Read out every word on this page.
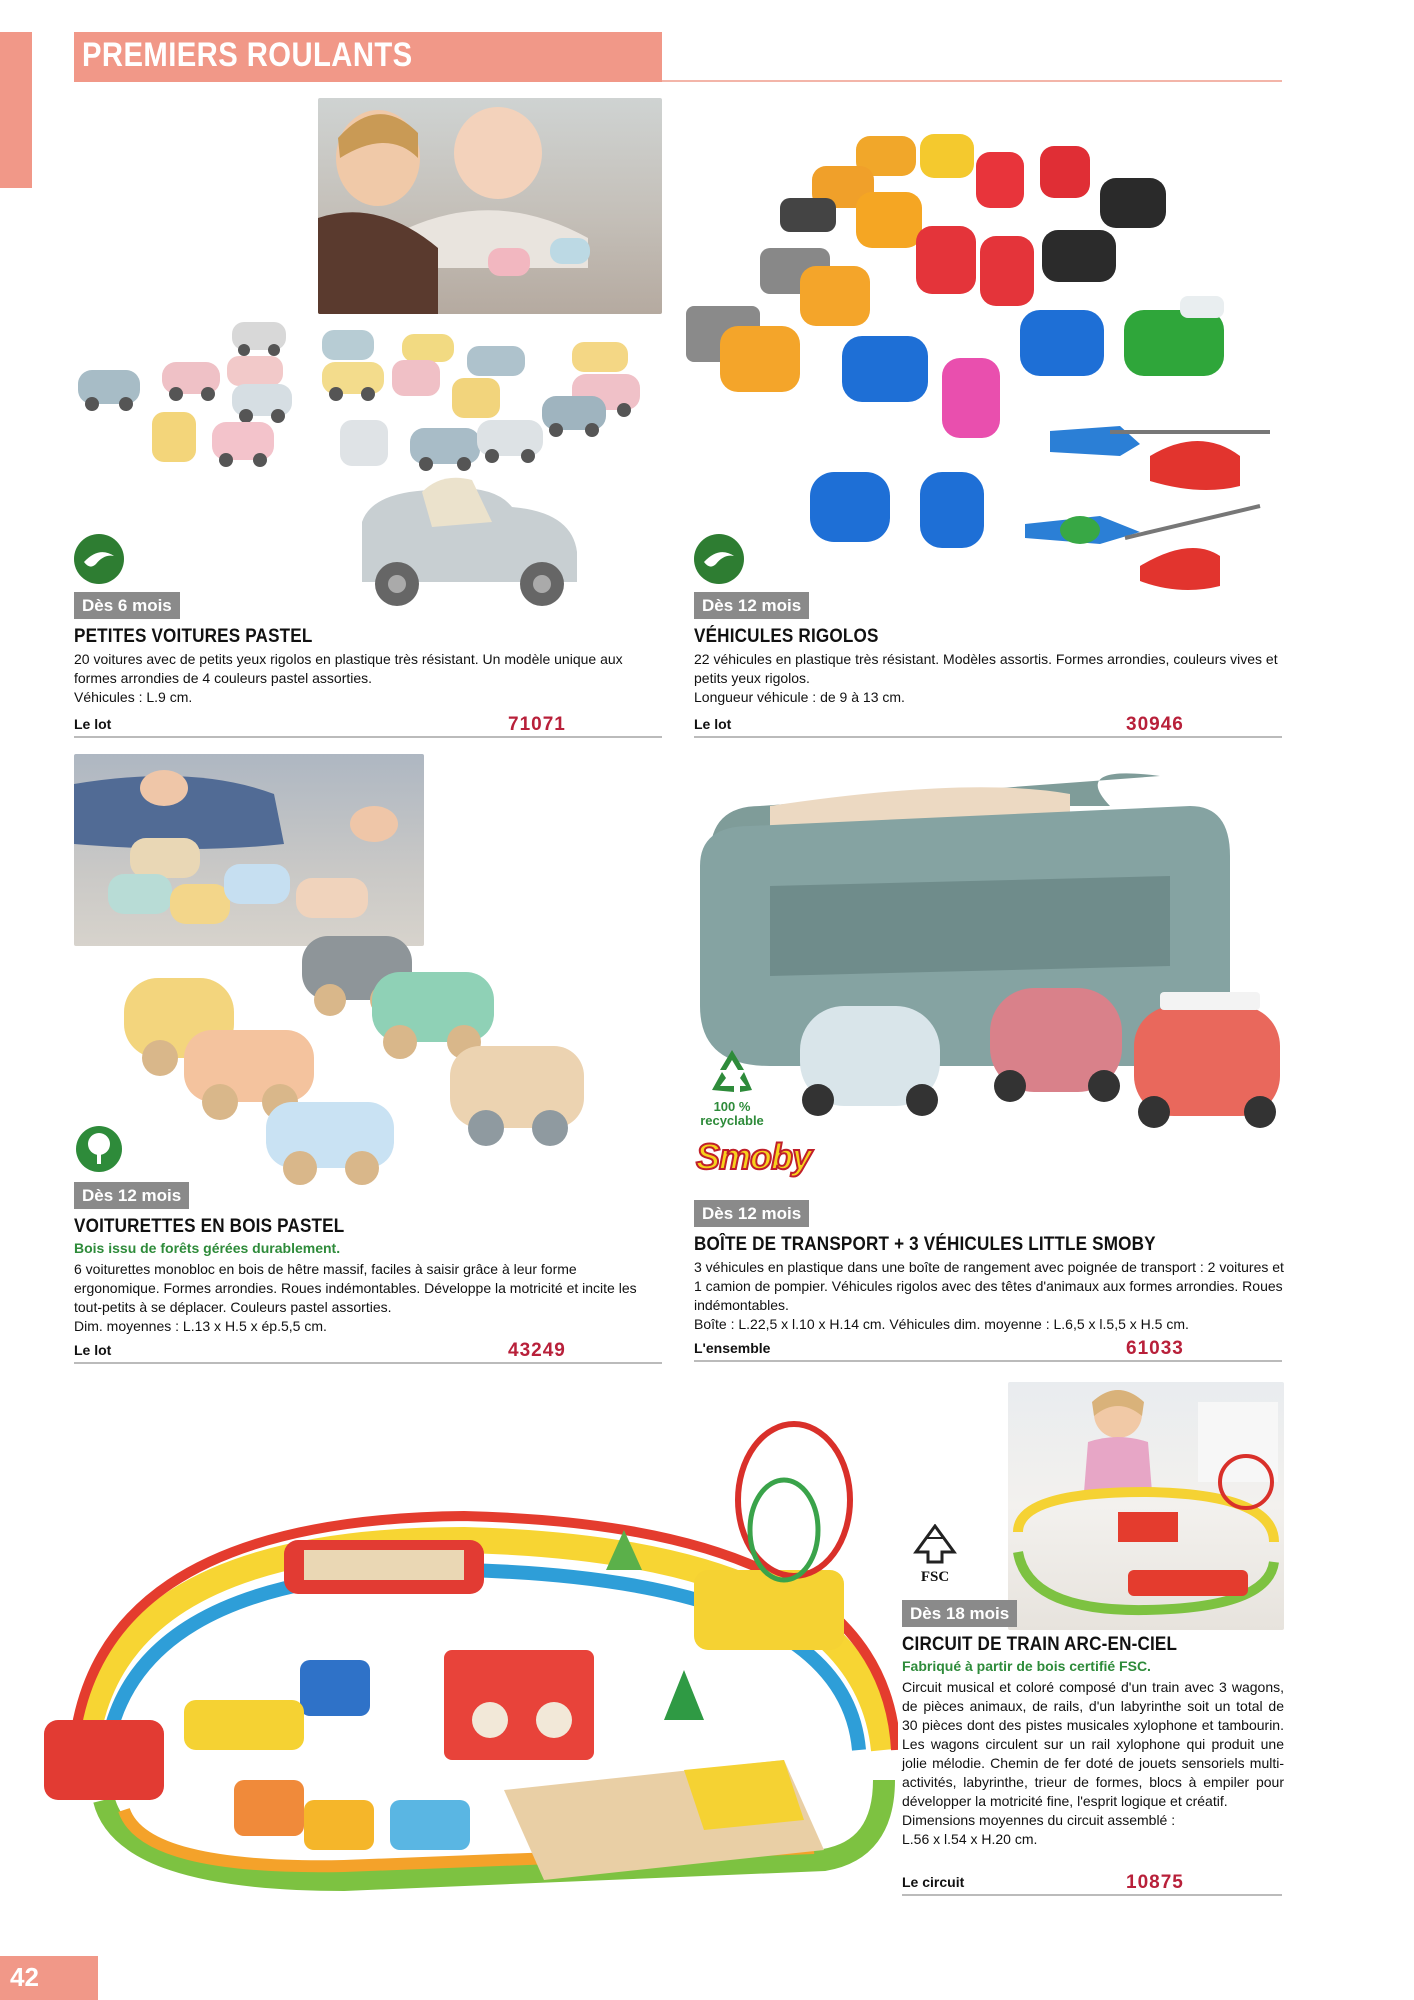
PREMIERS ROULANTS
Dès 6 mois
PETITES VOITURES PASTEL

20 voitures avec de petits yeux rigolos en plastique très résistant. Un modèle unique aux formes arrondies de 4 couleurs pastel assorties.

Véhicules : L.9 cm.

Le lot	71071
Dès 12 mois
VÉHICULES RIGOLOS

22 véhicules en plastique très résistant. Modèles assortis. Formes arrondies, couleurs vives et petits yeux rigolos.

Longueur véhicule : de 9 à 13 cm.

Le lot	30946
Dès 12 mois
VOITURETTES EN BOIS PASTEL
Bois issu de forêts gérées durablement.

6 voiturettes monobloc en bois de hêtre massif, faciles à saisir grâce à leur forme ergonomique. Formes arrondies. Roues indémontables. Développe la motricité et incite les tout-petits à se déplacer. Couleurs pastel assorties.

Dim. moyennes : L.13 x H.5 x ép.5,5 cm.

Le lot	43249
100 %
recyclable
Smoby
Dès 12 mois
BOÎTE DE TRANSPORT + 3 VÉHICULES LITTLE SMOBY

3 véhicules en plastique dans une boîte de rangement avec poignée de transport : 2 voitures et 1 camion de pompier. Véhicules rigolos avec des têtes d'animaux aux formes arrondies. Roues indémontables.

Boîte : L.22,5 x l.10 x H.14 cm. Véhicules dim. moyenne : L.6,5 x l.5,5 x H.5 cm.

L'ensemble	61033
FSC
Dès 18 mois
CIRCUIT DE TRAIN ARC-EN-CIEL
Fabriqué à partir de bois certifié FSC.

Circuit musical et coloré composé d'un train avec 3 wagons, de pièces animaux, de rails, d'un labyrinthe soit un total de 30 pièces dont des pistes musicales xylophone et tambourin. Les wagons circulent sur un rail xylophone qui produit une jolie mélodie. Chemin de fer doté de jouets sensoriels multi-activités, labyrinthe, trieur de formes, blocs à empiler pour développer la motricité fine, l'esprit logique et créatif.

Dimensions moyennes du circuit assemblé :

L.56 x l.54 x H.20 cm.

Le circuit	10875
42
